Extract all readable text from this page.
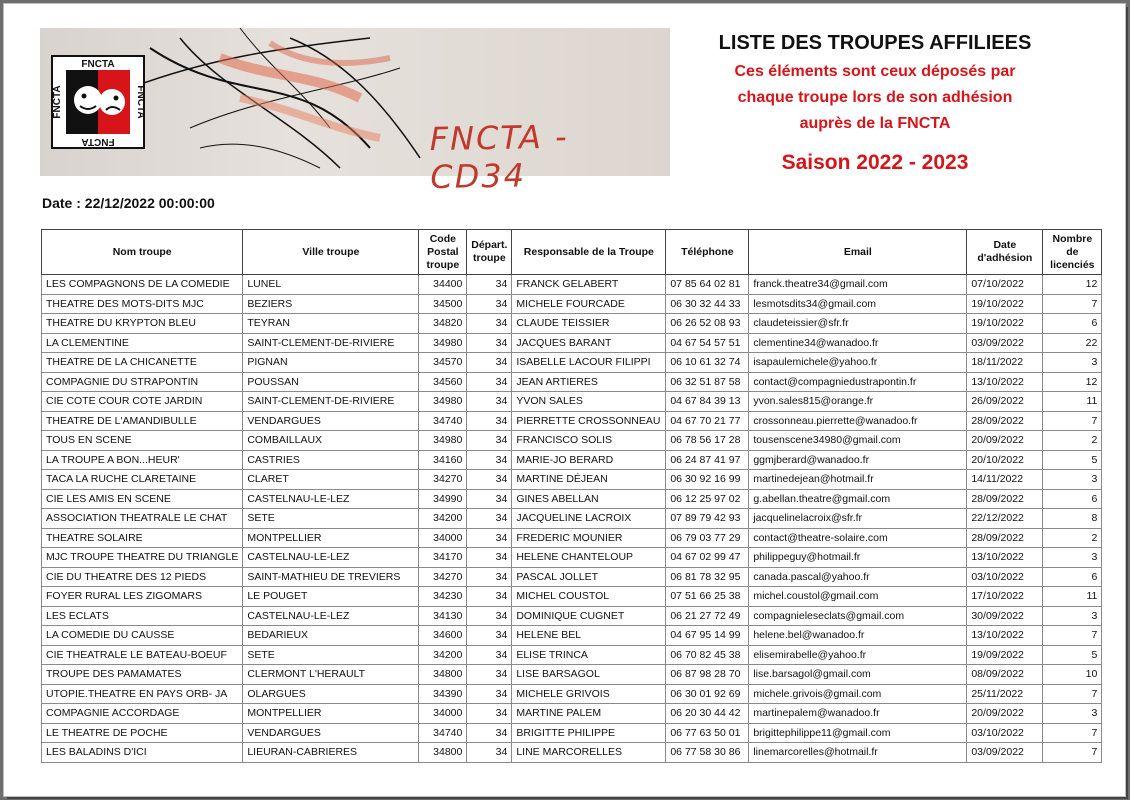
FNCTA
FNCTA
FNCTA	FNCTA
FNCTA - CD34
LISTE DES TROUPES AFFILIEES
Ces éléments sont ceux déposés par
chaque troupe lors de son adhésion
auprès de la FNCTA
Saison 2022 - 2023
Date : 22/12/2022 00:00:00
Nom troupe	Ville troupe	Code Postal troupe	Départ. troupe	Responsable de la Troupe	Téléphone	Email	Date d'adhésion	Nombre de licenciés
LES COMPAGNONS DE LA COMEDIE	LUNEL	34400	34	FRANCK GELABERT	07 85 64 02 81	franck.theatre34@gmail.com	07/10/2022	12
THEATRE DES MOTS-DITS MJC	BEZIERS	34500	34	MICHELE FOURCADE	06 30 32 44 33	lesmotsdits34@gmail.com	19/10/2022	7
THEATRE DU KRYPTON BLEU	TEYRAN	34820	34	CLAUDE TEISSIER	06 26 52 08 93	claudeteissier@sfr.fr	19/10/2022	6
LA CLEMENTINE	SAINT-CLEMENT-DE-RIVIERE	34980	34	JACQUES BARANT	04 67 54 57 51	clementine34@wanadoo.fr	03/09/2022	22
THEATRE DE LA CHICANETTE	PIGNAN	34570	34	ISABELLE LACOUR FILIPPI	06 10 61 32 74	isapaulemichele@yahoo.fr	18/11/2022	3
COMPAGNIE DU STRAPONTIN	POUSSAN	34560	34	JEAN ARTIERES	06 32 51 87 58	contact@compagniedustrapontin.fr	13/10/2022	12
CIE COTE COUR COTE JARDIN	SAINT-CLEMENT-DE-RIVIERE	34980	34	YVON SALES	04 67 84 39 13	yvon.sales815@orange.fr	26/09/2022	11
THEATRE DE L'AMANDIBULLE	VENDARGUES	34740	34	PIERRETTE CROSSONNEAU	04 67 70 21 77	crossonneau.pierrette@wanadoo.fr	28/09/2022	7
TOUS EN SCENE	COMBAILLAUX	34980	34	FRANCISCO SOLIS	06 78 56 17 28	tousenscene34980@gmail.com	20/09/2022	2
LA TROUPE A BON...HEUR'	CASTRIES	34160	34	MARIE-JO BERARD	06 24 87 41 97	ggmjberard@wanadoo.fr	20/10/2022	5
TACA LA RUCHE CLARETAINE	CLARET	34270	34	MARTINE DÉJEAN	06 30 92 16 99	martinedejean@hotmail.fr	14/11/2022	3
CIE LES AMIS EN SCENE	CASTELNAU-LE-LEZ	34990	34	GINES ABELLAN	06 12 25 97 02	g.abellan.theatre@gmail.com	28/09/2022	6
ASSOCIATION THEATRALE LE CHAT	SETE	34200	34	JACQUELINE LACROIX	07 89 79 42 93	jacquelinelacroix@sfr.fr	22/12/2022	8
THEATRE SOLAIRE	MONTPELLIER	34000	34	FREDERIC MOUNIER	06 79 03 77 29	contact@theatre-solaire.com	28/09/2022	2
MJC TROUPE THEATRE DU TRIANGLE	CASTELNAU-LE-LEZ	34170	34	HELENE CHANTELOUP	04 67 02 99 47	philippeguy@hotmail.fr	13/10/2022	3
CIE DU THEATRE DES 12 PIEDS	SAINT-MATHIEU DE TREVIERS	34270	34	PASCAL JOLLET	06 81 78 32 95	canada.pascal@yahoo.fr	03/10/2022	6
FOYER RURAL LES ZIGOMARS	LE POUGET	34230	34	MICHEL COUSTOL	07 51 66 25 38	michel.coustol@gmail.com	17/10/2022	11
LES ECLATS	CASTELNAU-LE-LEZ	34130	34	DOMINIQUE CUGNET	06 21 27 72 49	compagnieleseclats@gmail.com	30/09/2022	3
LA COMEDIE DU CAUSSE	BEDARIEUX	34600	34	HELENE BEL	04 67 95 14 99	helene.bel@wanadoo.fr	13/10/2022	7
CIE THEATRALE LE BATEAU-BOEUF	SETE	34200	34	ELISE TRINCA	06 70 82 45 38	elisemirabelle@yahoo.fr	19/09/2022	5
TROUPE DES PAMAMATES	CLERMONT L'HERAULT	34800	34	LISE BARSAGOL	06 87 98 28 70	lise.barsagol@gmail.com	08/09/2022	10
UTOPIE.THEATRE EN PAYS ORB- JA	OLARGUES	34390	34	MICHELE GRIVOIS	06 30 01 92 69	michele.grivois@gmail.com	25/11/2022	7
COMPAGNIE ACCORDAGE	MONTPELLIER	34000	34	MARTINE PALEM	06 20 30 44 42	martinepalem@wanadoo.fr	20/09/2022	3
LE THEATRE DE POCHE	VENDARGUES	34740	34	BRIGITTE PHILIPPE	06 77 63 50 01	brigittephilippe11@gmail.com	03/10/2022	7
LES BALADINS D'ICI	LIEURAN-CABRIERES	34800	34	LINE MARCORELLES	06 77 58 30 86	linemarcorelles@hotmail.fr	03/09/2022	7
